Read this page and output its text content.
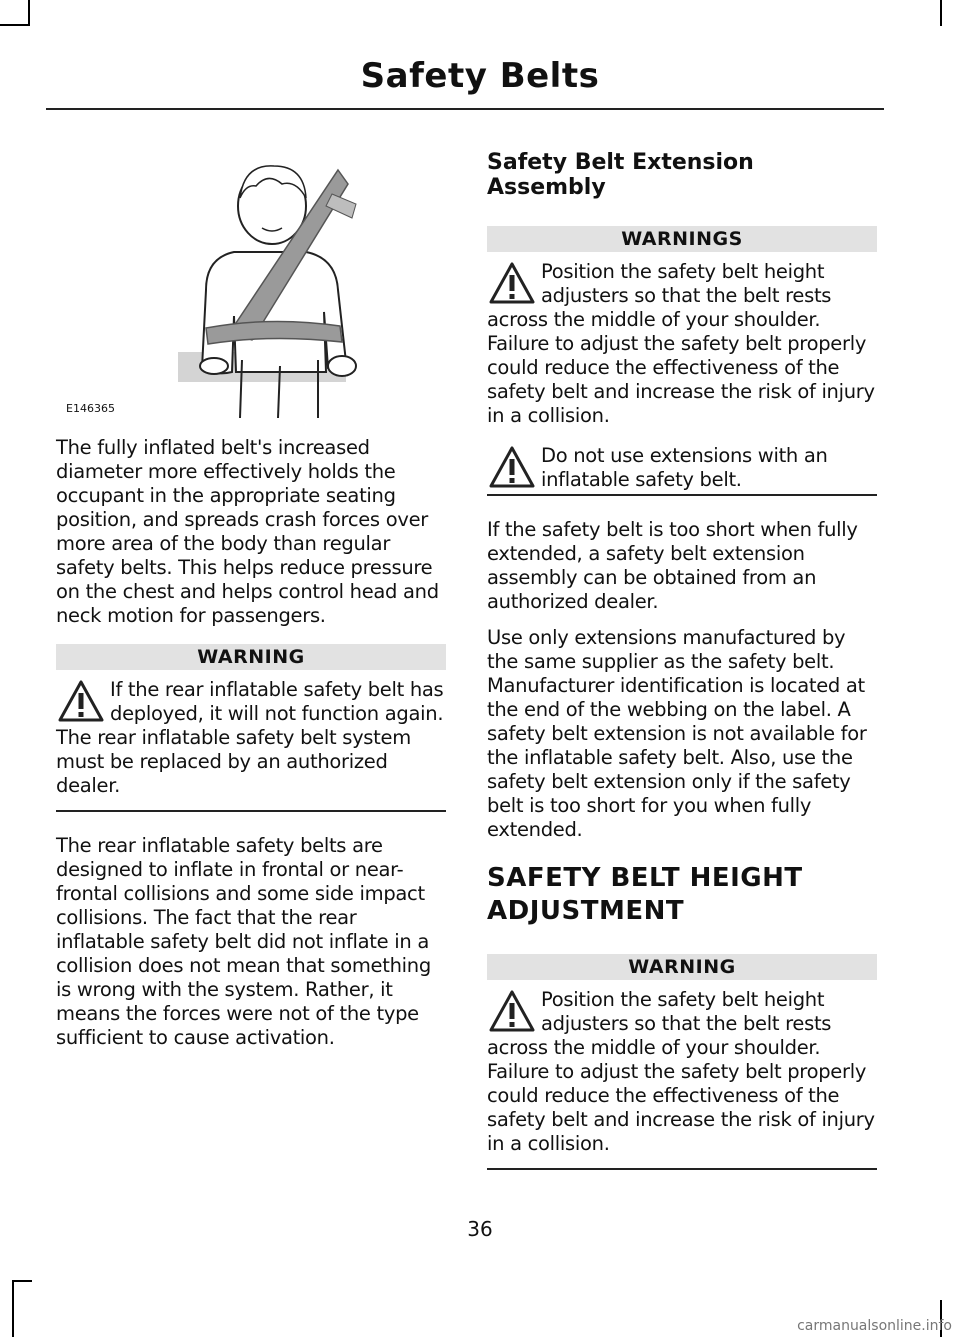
Safety Belts
E146365

The fully inflated belt's increased diameter more effectively holds the occupant in the appropriate seating position, and spreads crash forces over more area of the body than regular safety belts. This helps reduce pressure on the chest and helps control head and neck motion for passengers.

WARNING
If the rear inflatable safety belt has deployed, it will not function again. The rear inflatable safety belt system must be replaced by an authorized dealer.

The rear inflatable safety belts are designed to inflate in frontal or near-frontal collisions and some side impact collisions. The fact that the rear inflatable safety belt did not inflate in a collision does not mean that something is wrong with the system. Rather, it means the forces were not of the type sufficient to cause activation.

Safety Belt Extension Assembly
WARNINGS
Position the safety belt height adjusters so that the belt rests across the middle of your shoulder. Failure to adjust the safety belt properly could reduce the effectiveness of the safety belt and increase the risk of injury in a collision.
Do not use extensions with an inflatable safety belt.

If the safety belt is too short when fully extended, a safety belt extension assembly can be obtained from an authorized dealer.

Use only extensions manufactured by the same supplier as the safety belt. Manufacturer identification is located at the end of the webbing on the label. A safety belt extension is not available for the inflatable safety belt. Also, use the safety belt extension only if the safety belt is too short for you when fully extended.

SAFETY BELT HEIGHT
ADJUSTMENT
WARNING
Position the safety belt height adjusters so that the belt rests across the middle of your shoulder. Failure to adjust the safety belt properly could reduce the effectiveness of the safety belt and increase the risk of injury in a collision.
36
carmanualsonline.info
